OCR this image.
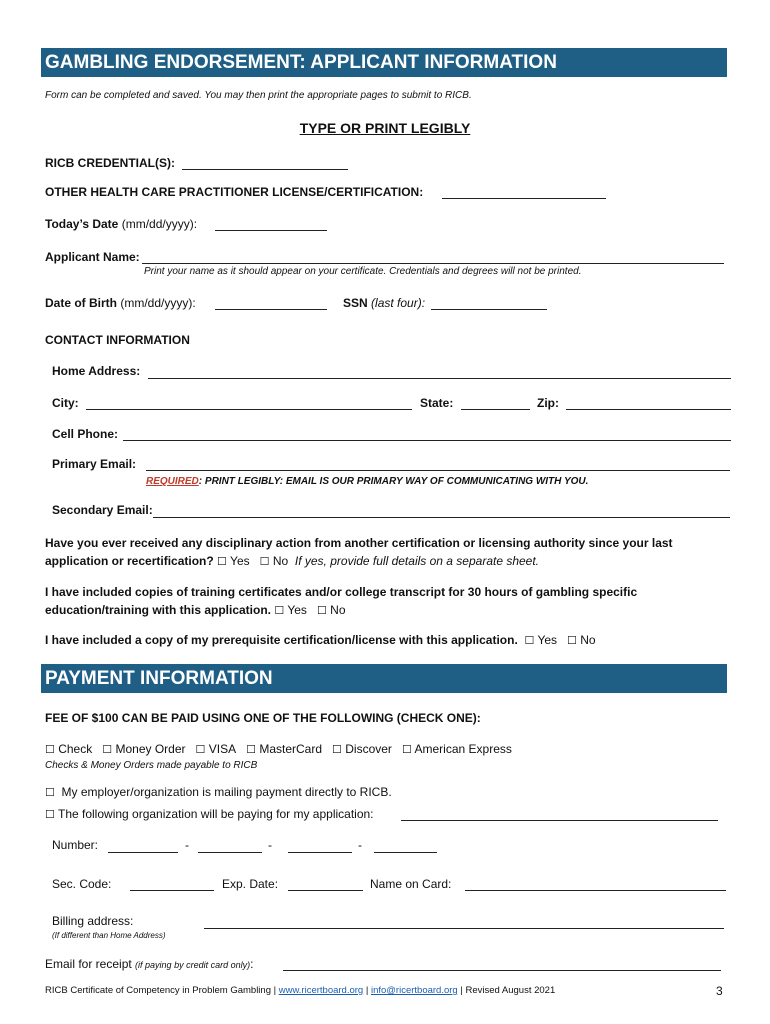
GAMBLING ENDORSEMENT: APPLICANT INFORMATION
Form can be completed and saved. You may then print the appropriate pages to submit to RICB.
TYPE OR PRINT LEGIBLY
RICB CREDENTIAL(S):
OTHER HEALTH CARE PRACTITIONER LICENSE/CERTIFICATION:
Today’s Date (mm/dd/yyyy):
Applicant Name:
Print your name as it should appear on your certificate. Credentials and degrees will not be printed.
Date of Birth (mm/dd/yyyy):	SSN (last four):
CONTACT INFORMATION
Home Address:
City:	State:	Zip:
Cell Phone:
Primary Email:
REQUIRED: PRINT LEGIBLY: EMAIL IS OUR PRIMARY WAY OF COMMUNICATING WITH YOU.
Secondary Email:
Have you ever received any disciplinary action from another certification or licensing authority since your last
application or recertification? ☐ Yes ☐ No If yes, provide full details on a separate sheet.
I have included copies of training certificates and/or college transcript for 30 hours of gambling specific
education/training with this application. ☐ Yes ☐ No
I have included a copy of my prerequisite certification/license with this application. ☐ Yes ☐ No
PAYMENT INFORMATION
FEE OF $100 CAN BE PAID USING ONE OF THE FOLLOWING (CHECK ONE):
☐ Check ☐ Money Order ☐ VISA ☐ MasterCard ☐ Discover ☐ American Express
Checks & Money Orders made payable to RICB
☐ My employer/organization is mailing payment directly to RICB.
☐ The following organization will be paying for my application:
Number:	-	-	-
Sec. Code:	Exp. Date:	Name on Card:
Billing address:
(If different than Home Address)
Email for receipt (if paying by credit card only):
RICB Certificate of Competency in Problem Gambling | www.ricertboard.org | info@ricertboard.org | Revised August 2021	3
